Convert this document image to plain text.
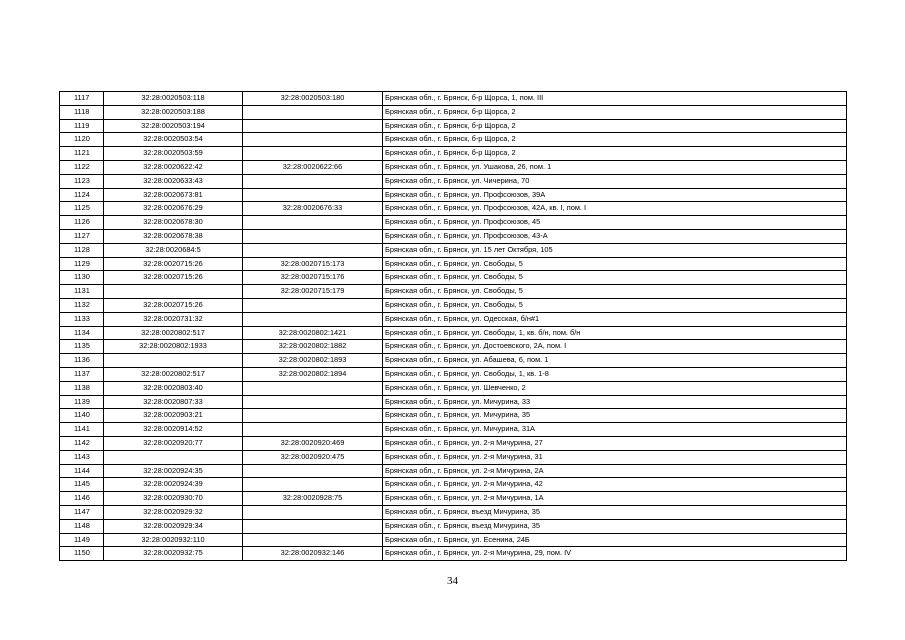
1117	32:28:0020503:118	32:28:0020503:180	Брянская обл., г. Брянск, б-р Щорса, 1, пом. III
1118	32:28:0020503:188		Брянская обл., г. Брянск, б-р Щорса, 2
1119	32:28:0020503:194		Брянская обл., г. Брянск, б-р Щорса, 2
1120	32:28:0020503:54		Брянская обл., г. Брянск, б-р Щорса, 2
1121	32:28:0020503:59		Брянская обл., г. Брянск, б-р Щорса, 2
1122	32:28:0020622:42	32:28:0020622:66	Брянская обл., г. Брянск, ул. Ушакова, 26, пом. 1
1123	32:28:0020633:43		Брянская обл., г. Брянск, ул. Чичерина, 70
1124	32:28:0020673:81		Брянская обл., г. Брянск, ул. Профсоюзов, 39А
1125	32:28:0020676:29	32:28:0020676:33	Брянская обл., г. Брянск, ул. Профсоюзов, 42А, кв. I, пом. I
1126	32:28:0020678:30		Брянская обл., г. Брянск, ул. Профсоюзов, 45
1127	32:28:0020678:38		Брянская обл., г. Брянск, ул. Профсоюзов, 43-А
1128	32:28:0020684:5		Брянская обл., г. Брянск, ул. 15 лет Октября, 105
1129	32:28:0020715:26	32:28:0020715:173	Брянская обл., г. Брянск, ул. Свободы, 5
1130	32:28:0020715:26	32:28:0020715:176	Брянская обл., г. Брянск, ул. Свободы, 5
1131		32:28:0020715:179	Брянская обл., г. Брянск, ул. Свободы, 5
1132	32:28:0020715:26		Брянская обл., г. Брянск, ул. Свободы, 5
1133	32:28:0020731:32		Брянская обл., г. Брянск, ул. Одесская, б/н#1
1134	32:28:0020802:517	32:28:0020802:1421	Брянская обл., г. Брянск, ул. Свободы, 1, кв. б/н, пом. б/н
1135	32:28:0020802:1933	32:28:0020802:1882	Брянская обл., г. Брянск, ул. Достоевского, 2А, пом. I
1136		32:28:0020802:1893	Брянская обл., г. Брянск, ул. Абашева, 6, пом. 1
1137	32:28:0020802:517	32:28:0020802:1894	Брянская обл., г. Брянск, ул. Свободы, 1, кв. 1-8
1138	32:28:0020803:40		Брянская обл., г. Брянск, ул. Шевченко, 2
1139	32:28:0020807:33		Брянская обл., г. Брянск, ул. Мичурина, 33
1140	32:28:0020903:21		Брянская обл., г. Брянск, ул. Мичурина, 35
1141	32:28:0020914:52		Брянская обл., г. Брянск, ул. Мичурина, 31А
1142	32:28:0020920:77	32:28:0020920:469	Брянская обл., г. Брянск, ул. 2-я Мичурина, 27
1143		32:28:0020920:475	Брянская обл., г. Брянск, ул. 2-я Мичурина, 31
1144	32:28:0020924:35		Брянская обл., г. Брянск, ул. 2-я Мичурина, 2А
1145	32:28:0020924:39		Брянская обл., г. Брянск, ул. 2-я Мичурина, 42
1146	32:28:0020930:70	32:28:0020928:75	Брянская обл., г. Брянск, ул. 2-я Мичурина, 1А
1147	32:28:0020929:32		Брянская обл., г. Брянск, въезд Мичурина, 35
1148	32:28:0020929:34		Брянская обл., г. Брянск, въезд Мичурина, 35
1149	32:28:0020932:110		Брянская обл., г. Брянск, ул. Есенина, 24Б
1150	32:28:0020932:75	32:28:0020932:146	Брянская обл., г. Брянск, ул. 2-я Мичурина, 29, пом. IV
34
